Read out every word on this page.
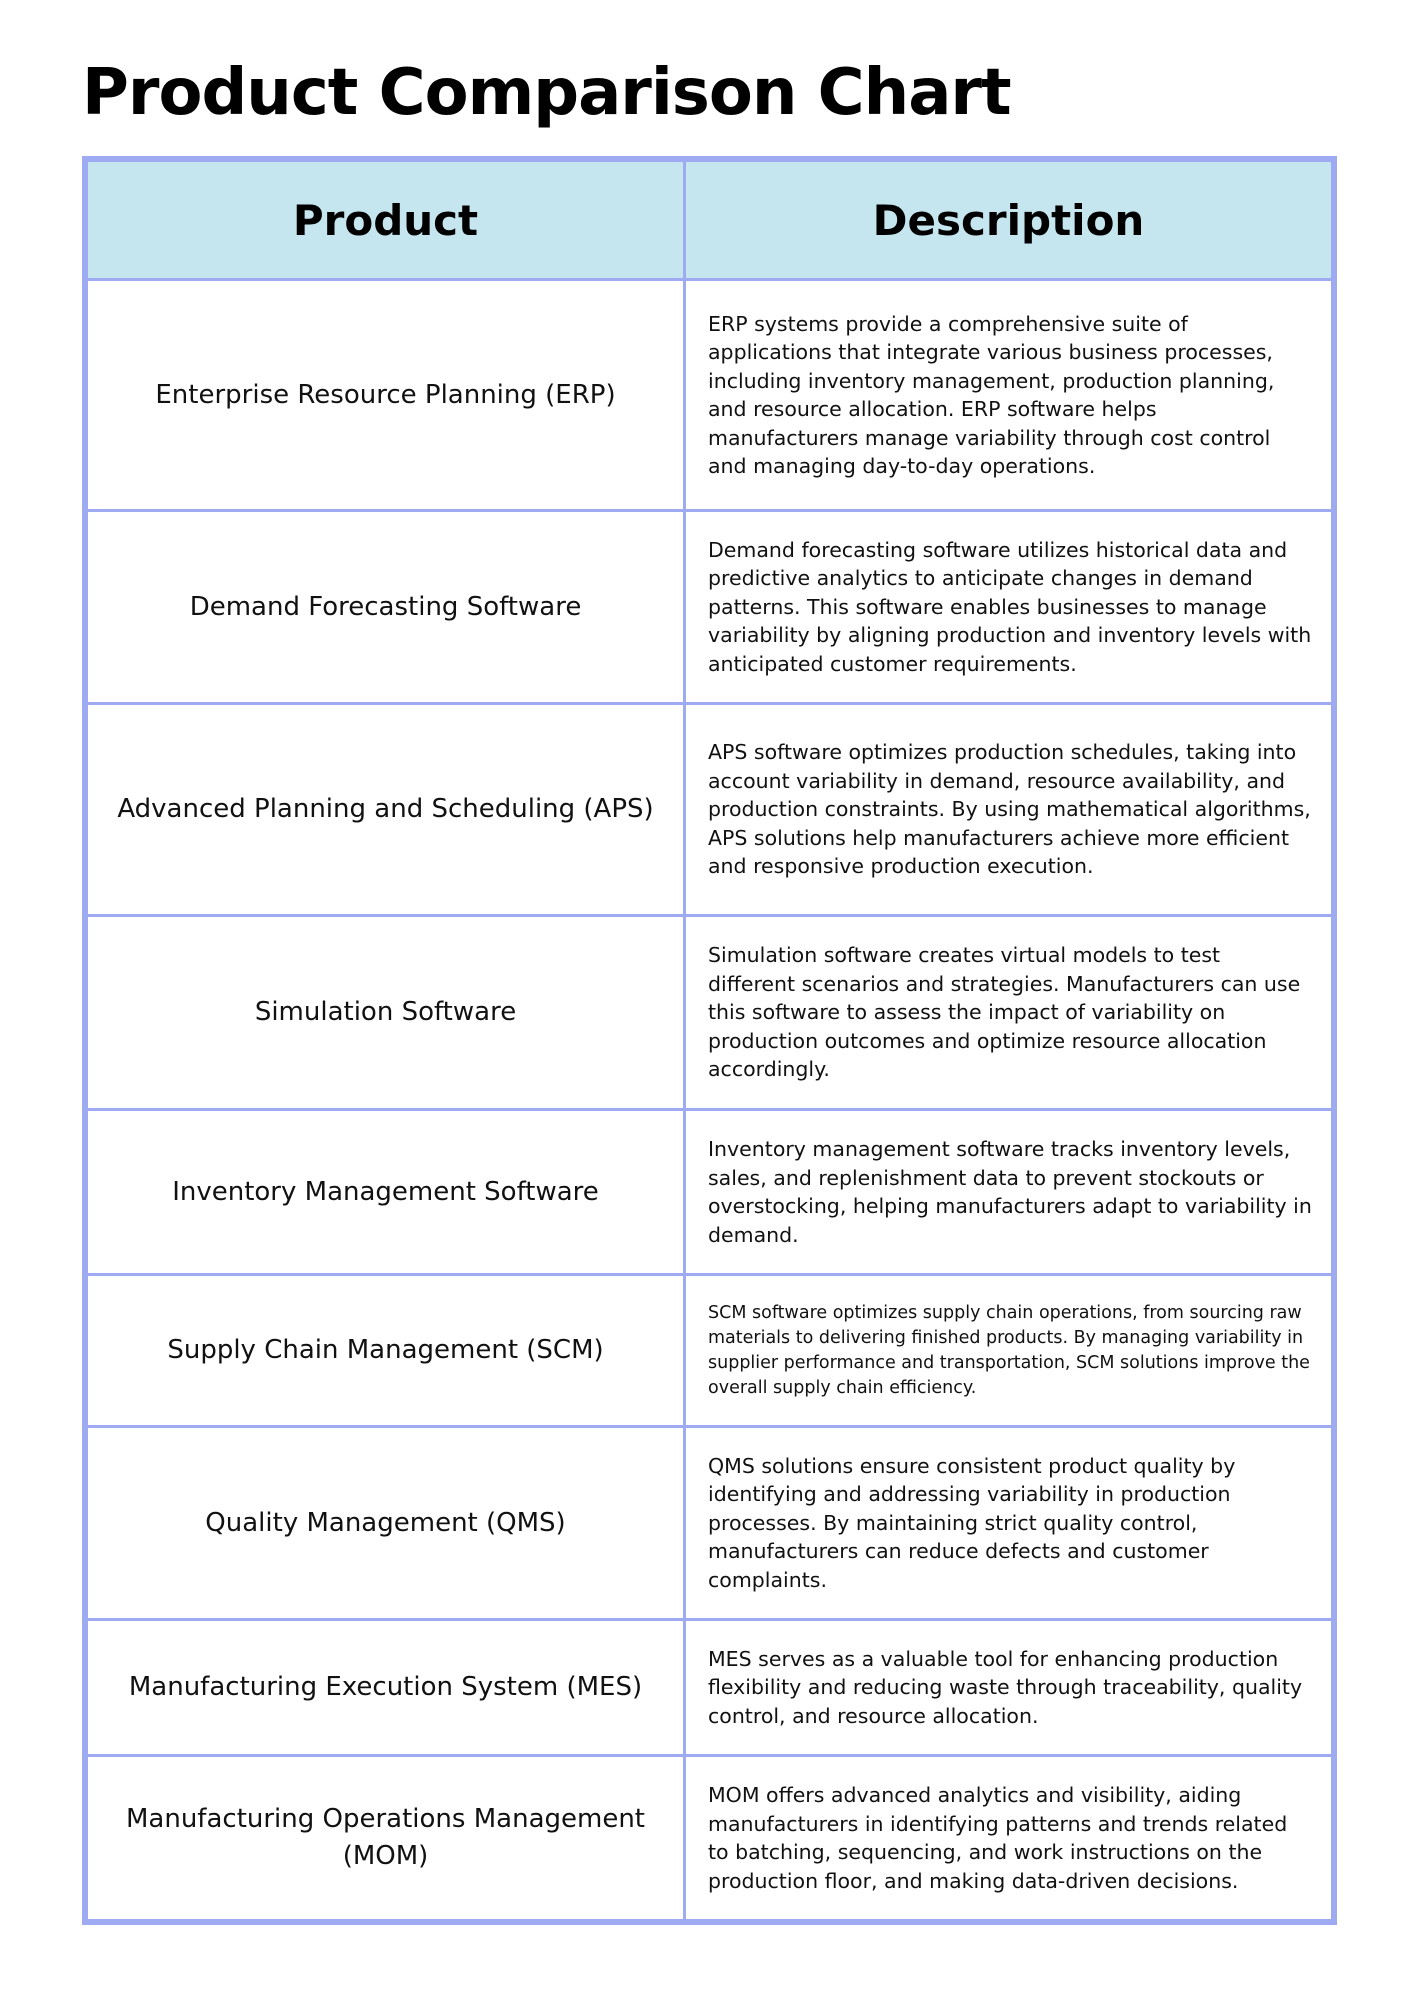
Product Comparison Chart
Product	Description
Enterprise Resource Planning (ERP)	ERP systems provide a comprehensive suite of applications that integrate various business processes, including inventory management, production planning, and resource allocation. ERP software helps manufacturers manage variability through cost control and managing day-to-day operations.
Demand Forecasting Software	Demand forecasting software utilizes historical data and predictive analytics to anticipate changes in demand patterns. This software enables businesses to manage variability by aligning production and inventory levels with anticipated customer requirements.
Advanced Planning and Scheduling (APS)	APS software optimizes production schedules, taking into account variability in demand, resource availability, and production constraints. By using mathematical algorithms, APS solutions help manufacturers achieve more efficient and responsive production execution.
Simulation Software	Simulation software creates virtual models to test different scenarios and strategies. Manufacturers can use this software to assess the impact of variability on production outcomes and optimize resource allocation accordingly.
Inventory Management Software	Inventory management software tracks inventory levels, sales, and replenishment data to prevent stockouts or overstocking, helping manufacturers adapt to variability in demand.
Supply Chain Management (SCM)	SCM software optimizes supply chain operations, from sourcing raw materials to delivering finished products. By managing variability in supplier performance and transportation, SCM solutions improve the overall supply chain efficiency.
Quality Management (QMS)	QMS solutions ensure consistent product quality by identifying and addressing variability in production processes. By maintaining strict quality control, manufacturers can reduce defects and customer complaints.
Manufacturing Execution System (MES)	MES serves as a valuable tool for enhancing production flexibility and reducing waste through traceability, quality control, and resource allocation.
Manufacturing Operations Management (MOM)	MOM offers advanced analytics and visibility, aiding manufacturers in identifying patterns and trends related to batching, sequencing, and work instructions on the production floor, and making data-driven decisions.
